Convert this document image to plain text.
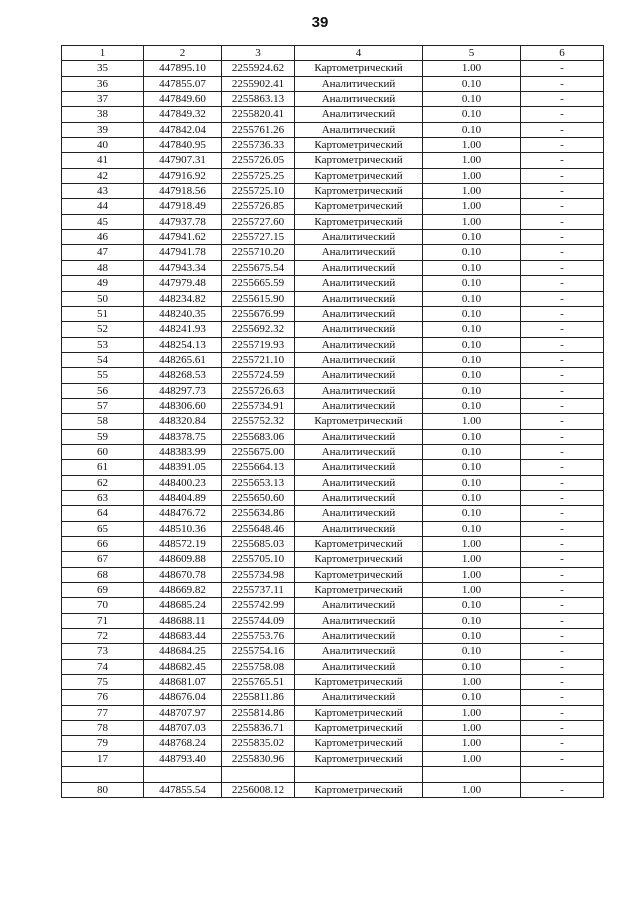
39
1	2	3	4	5	6
35	447895.10	2255924.62	Картометрический	1.00	-
36	447855.07	2255902.41	Аналитический	0.10	-
37	447849.60	2255863.13	Аналитический	0.10	-
38	447849.32	2255820.41	Аналитический	0.10	-
39	447842.04	2255761.26	Аналитический	0.10	-
40	447840.95	2255736.33	Картометрический	1.00	-
41	447907.31	2255726.05	Картометрический	1.00	-
42	447916.92	2255725.25	Картометрический	1.00	-
43	447918.56	2255725.10	Картометрический	1.00	-
44	447918.49	2255726.85	Картометрический	1.00	-
45	447937.78	2255727.60	Картометрический	1.00	-
46	447941.62	2255727.15	Аналитический	0.10	-
47	447941.78	2255710.20	Аналитический	0.10	-
48	447943.34	2255675.54	Аналитический	0.10	-
49	447979.48	2255665.59	Аналитический	0.10	-
50	448234.82	2255615.90	Аналитический	0.10	-
51	448240.35	2255676.99	Аналитический	0.10	-
52	448241.93	2255692.32	Аналитический	0.10	-
53	448254.13	2255719.93	Аналитический	0.10	-
54	448265.61	2255721.10	Аналитический	0.10	-
55	448268.53	2255724.59	Аналитический	0.10	-
56	448297.73	2255726.63	Аналитический	0.10	-
57	448306.60	2255734.91	Аналитический	0.10	-
58	448320.84	2255752.32	Картометрический	1.00	-
59	448378.75	2255683.06	Аналитический	0.10	-
60	448383.99	2255675.00	Аналитический	0.10	-
61	448391.05	2255664.13	Аналитический	0.10	-
62	448400.23	2255653.13	Аналитический	0.10	-
63	448404.89	2255650.60	Аналитический	0.10	-
64	448476.72	2255634.86	Аналитический	0.10	-
65	448510.36	2255648.46	Аналитический	0.10	-
66	448572.19	2255685.03	Картометрический	1.00	-
67	448609.88	2255705.10	Картометрический	1.00	-
68	448670.78	2255734.98	Картометрический	1.00	-
69	448669.82	2255737.11	Картометрический	1.00	-
70	448685.24	2255742.99	Аналитический	0.10	-
71	448688.11	2255744.09	Аналитический	0.10	-
72	448683.44	2255753.76	Аналитический	0.10	-
73	448684.25	2255754.16	Аналитический	0.10	-
74	448682.45	2255758.08	Аналитический	0.10	-
75	448681.07	2255765.51	Картометрический	1.00	-
76	448676.04	2255811.86	Аналитический	0.10	-
77	448707.97	2255814.86	Картометрический	1.00	-
78	448707.03	2255836.71	Картометрический	1.00	-
79	448768.24	2255835.02	Картометрический	1.00	-
17	448793.40	2255830.96	Картометрический	1.00	-

80	447855.54	2256008.12	Картометрический	1.00	-
